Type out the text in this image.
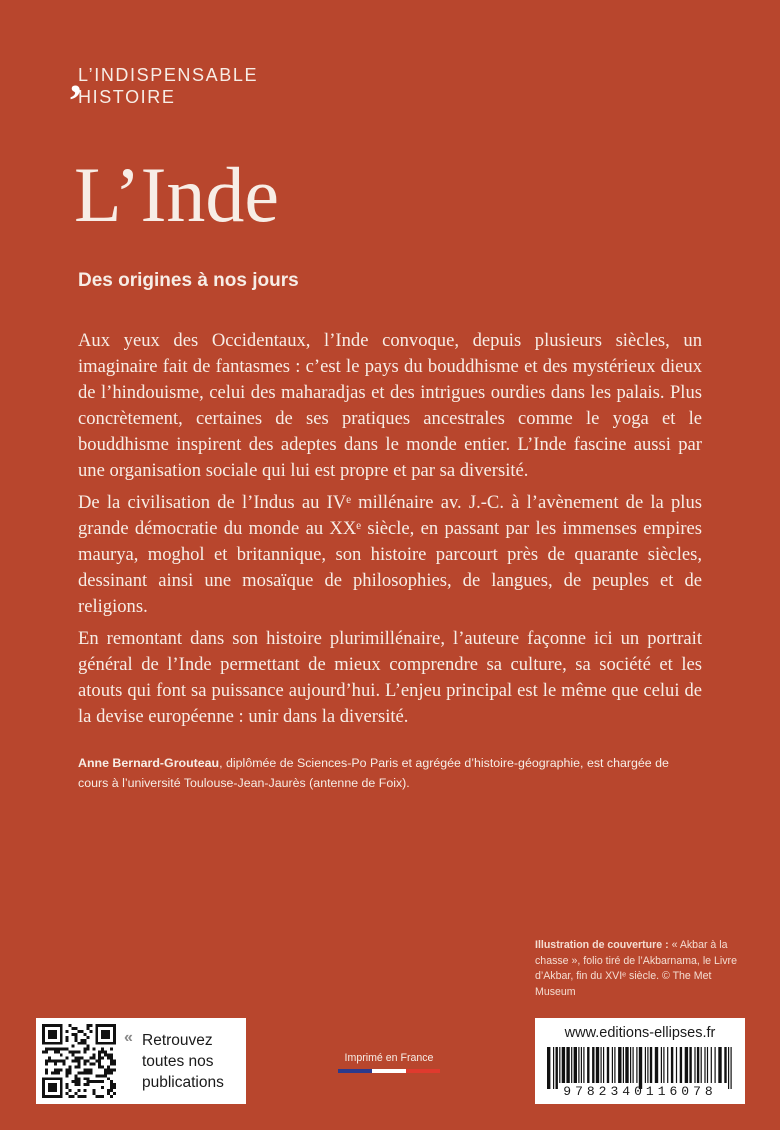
,
L’INDISPENSABLE
HISTOIRE
L’Inde
Des origines à nos jours

Aux yeux des Occidentaux, l’Inde convoque, depuis plusieurs siècles, un imaginaire fait de fantasmes : c’est le pays du bouddhisme et des mystérieux dieux de l’hindouisme, celui des maharadjas et des intrigues ourdies dans les palais. Plus concrètement, certaines de ses pratiques ancestrales comme le yoga et le bouddhisme inspirent des adeptes dans le monde entier. L’Inde fascine aussi par une organisation sociale qui lui est propre et par sa diversité.

De la civilisation de l’Indus au IVᵉ millénaire av. J.-C. à l’avènement de la plus grande démocratie du monde au XXᵉ siècle, en passant par les immenses empires maurya, moghol et britannique, son histoire parcourt près de quarante siècles, dessinant ainsi une mosaïque de philosophies, de langues, de peuples et de religions.

En remontant dans son histoire plurimillénaire, l’auteure façonne ici un portrait général de l’Inde permettant de mieux comprendre sa culture, sa société et les atouts qui font sa puissance aujourd’hui. L’enjeu principal est le même que celui de la devise européenne : unir dans la diversité.

Anne Bernard-Grouteau, diplômée de Sciences-Po Paris et agrégée d’histoire-géographie, est chargée de cours à l’université Toulouse-Jean-Jaurès (antenne de Foix).

Illustration de couverture : « Akbar à la chasse », folio tiré de l’Akbarnama, le Livre d’Akbar, fin du XVIᵉ siècle. © The Met Museum

« Retrouvez
toutes nos
publications
Imprimé en France
www.editions-ellipses.fr
9782340116078
